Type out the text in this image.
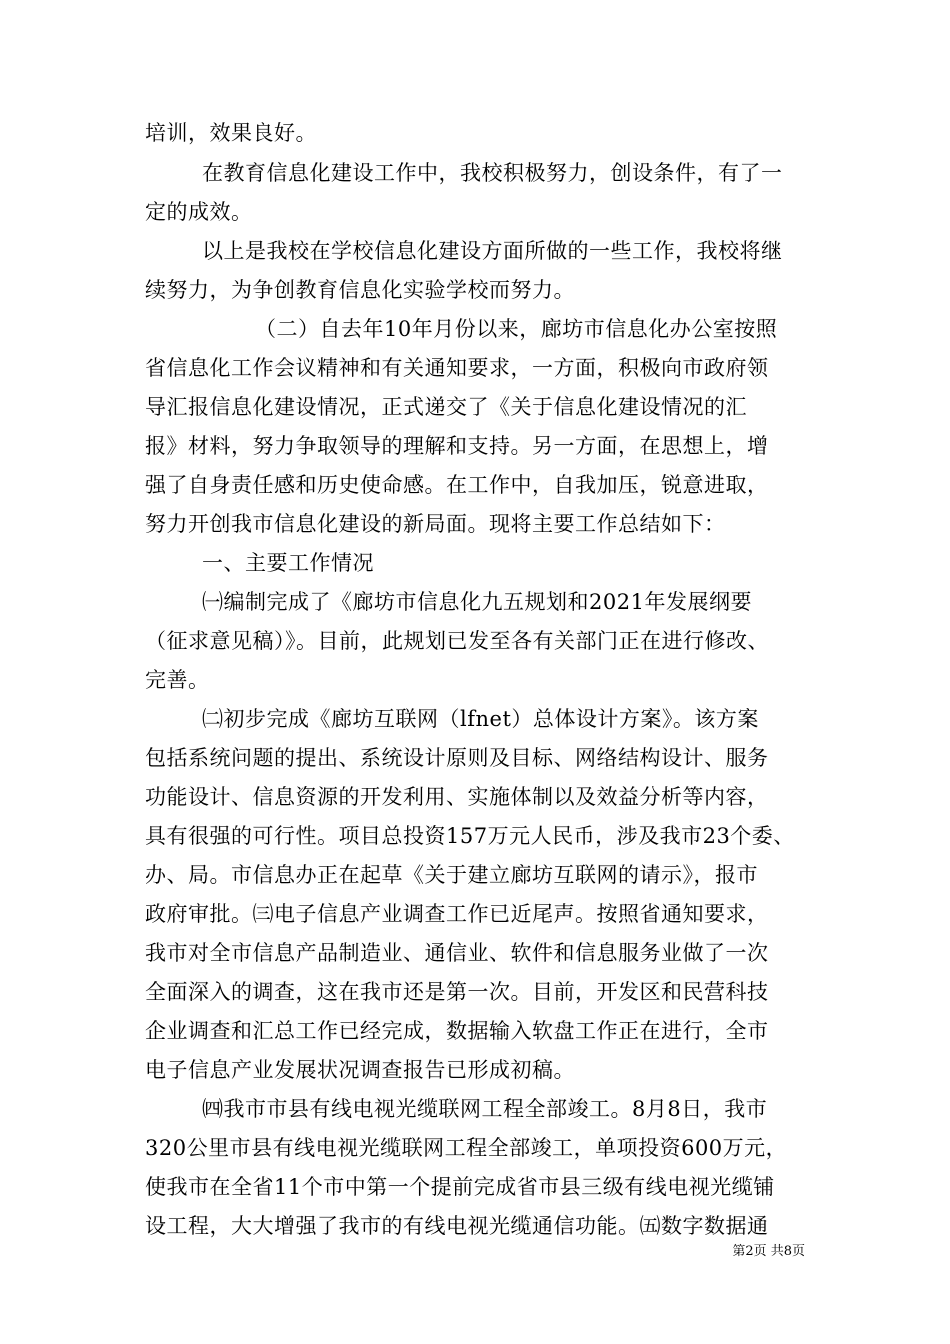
培训，效果良好。
在教育信息化建设工作中，我校积极努力，创设条件，有了一
定的成效。
以上是我校在学校信息化建设方面所做的一些工作，我校将继
续努力，为争创教育信息化实验学校而努力。
（二）自去年10年月份以来，廊坊市信息化办公室按照
省信息化工作会议精神和有关通知要求，一方面，积极向市政府领
导汇报信息化建设情况，正式递交了《关于信息化建设情况的汇
报》材料，努力争取领导的理解和支持。另一方面，在思想上，增
强了自身责任感和历史使命感。在工作中，自我加压，锐意进取，
努力开创我市信息化建设的新局面。现将主要工作总结如下：
一、主要工作情况
㈠编制完成了《廊坊市信息化九五规划和2021年发展纲要
（征求意见稿）》。目前，此规划已发至各有关部门正在进行修改、
完善。
㈡初步完成《廊坊互联网（lfnet）总体设计方案》。该方案
包括系统问题的提出、系统设计原则及目标、网络结构设计、服务
功能设计、信息资源的开发利用、实施体制以及效益分析等内容，
具有很强的可行性。项目总投资157万元人民币，涉及我市23个委、
办、局。市信息办正在起草《关于建立廊坊互联网的请示》，报市
政府审批。㈢电子信息产业调查工作已近尾声。按照省通知要求，
我市对全市信息产品制造业、通信业、软件和信息服务业做了一次
全面深入的调查，这在我市还是第一次。目前，开发区和民营科技
企业调查和汇总工作已经完成，数据输入软盘工作正在进行，全市
电子信息产业发展状况调查报告已形成初稿。
㈣我市市县有线电视光缆联网工程全部竣工。8月8日，我市
320公里市县有线电视光缆联网工程全部竣工，单项投资600万元，
使我市在全省11个市中第一个提前完成省市县三级有线电视光缆铺
设工程，大大增强了我市的有线电视光缆通信功能。㈤数字数据通
第2页 共8页
